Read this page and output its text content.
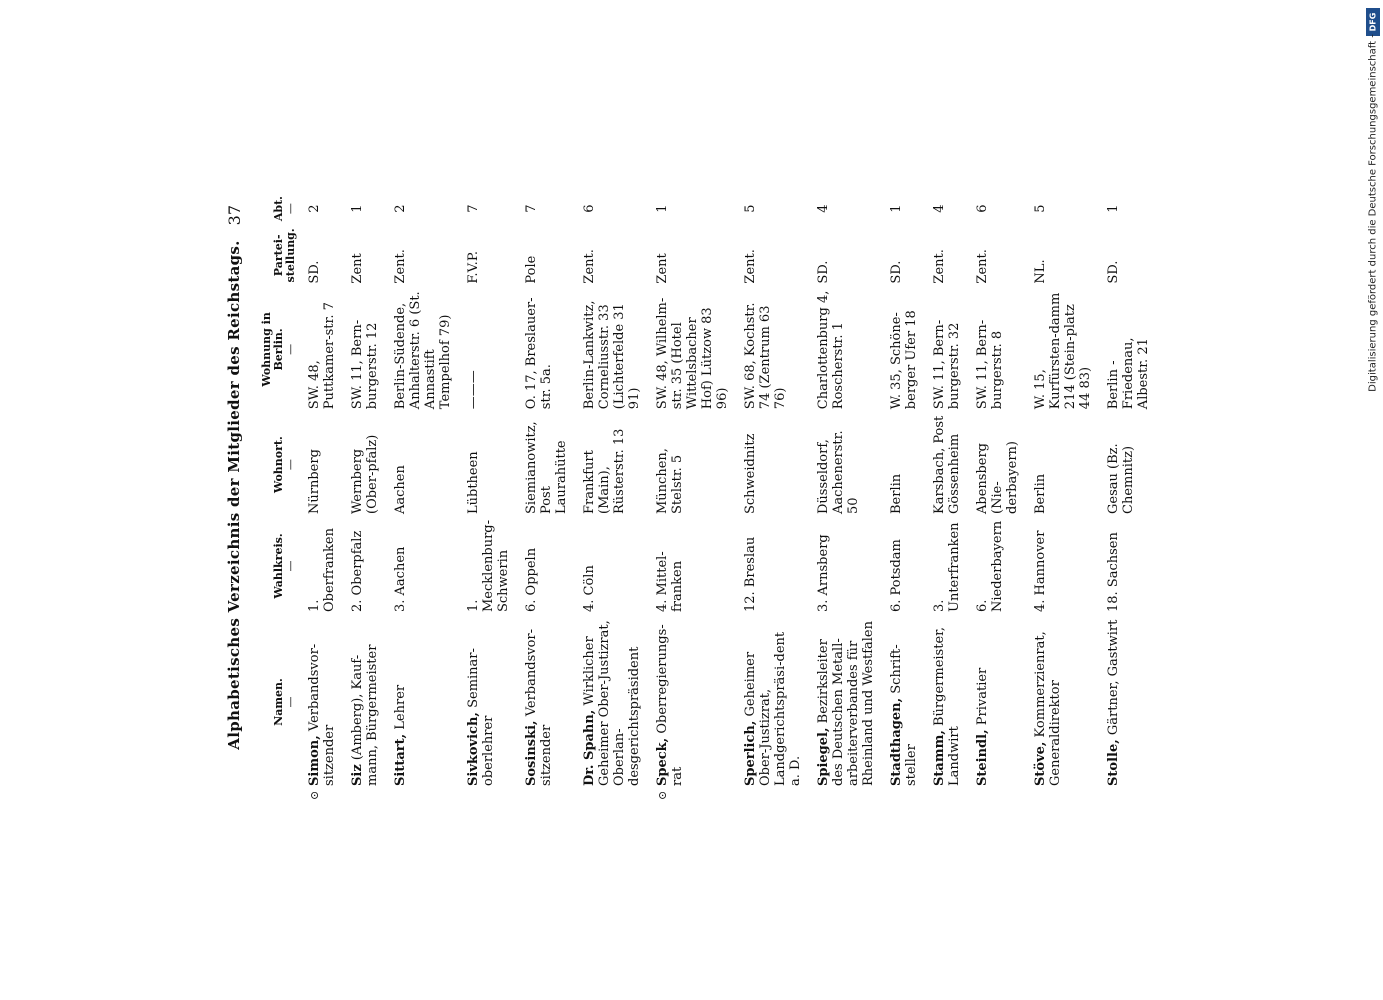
Alphabetisches Verzeichnis der Mitglieder des Reichstags.
37
Namen. —	Wahlkreis. —	Wohnort. —	Wohnung in Berlin. —	Partei-stellung.	Abt. —

⊙
Simon, Verbandsvor-sitzender	1. Oberfranken	Nürnberg	SW. 48, Puttkamer-str. 7	SD.	2
Siz (Amberg), Kauf-mann, Bürgermeister	2. Oberpfalz	Wernberg (Ober-pfalz)	SW. 11, Bern-burgerstr. 12	Zent	1
Sittart, Lehrer	3. Aachen	Aachen	Berlin-Südende, Anhalterstr. 6 (St. Annastift Tempelhof 79)	Zent.	2
Sivkovich, Seminar-oberlehrer	1. Mecklenburg-Schwerin	Lübtheen	———	F.V.P.	7
Sosinski, Verbandsvor-sitzender	6. Oppeln	Siemianowitz, Post Laurahütte	O. 17, Breslauer-str. 5a.	Pole	7
Dr. Spahn, Wirklicher Geheimer Ober-Justizrat, Oberlan-desgerichtspräsident	4. Cöln	Frankfurt (Main), Rüsterstr. 13	Berlin-Lankwitz, Corneliusstr. 33 (Lichterfelde 31 91)	Zent.	6

⊙
Speck, Oberregierungs-rat	4. Mittel-franken	München, Stelstr. 5	SW. 48, Wilhelm-str. 35 (Hotel Wittelsbacher Hof) Lützow 83 96)	Zent	1
Sperlich, Geheimer Ober-Justizrat, Landgerichtspräsi-dent a. D.	12. Breslau	Schweidnitz	SW. 68, Kochstr. 74 (Zentrum 63 76)	Zent.	5
Spiegel, Bezirksleiter des Deutschen Metall-arbeiterverbandes für Rheinland und Westfalen	3. Arnsberg	Düsseldorf, Aachenerstr. 50	Charlottenburg 4, Roscherstr. 1	SD.	4
Stadthagen, Schrift-steller	6. Potsdam	Berlin	W. 35, Schöne-berger Ufer 18	SD.	1
Stamm, Bürgermeister, Landwirt	3. Unterfranken	Karsbach, Post Gössenheim	SW. 11, Bern-burgerstr. 32	Zent.	4
Steindl, Privatier	6. Niederbayern	Abensberg (Nie-derbayern)	SW. 11, Bern-burgerstr. 8	Zent.	6
Stöve, Kommerzienrat, Generaldirektor	4. Hannover	Berlin	W. 15, Kurfürsten-damm 214 (Stein-platz 44 83)	NL.	5
Stolle, Gärtner, Gastwirt	18. Sachsen	Gesau (Bz. Chemnitz)	Berlin - Friedenau, Albestr. 21	SD.	1
DFG
Digitalisierung gefördert durch die Deutsche Forschungsgemeinschaft -
